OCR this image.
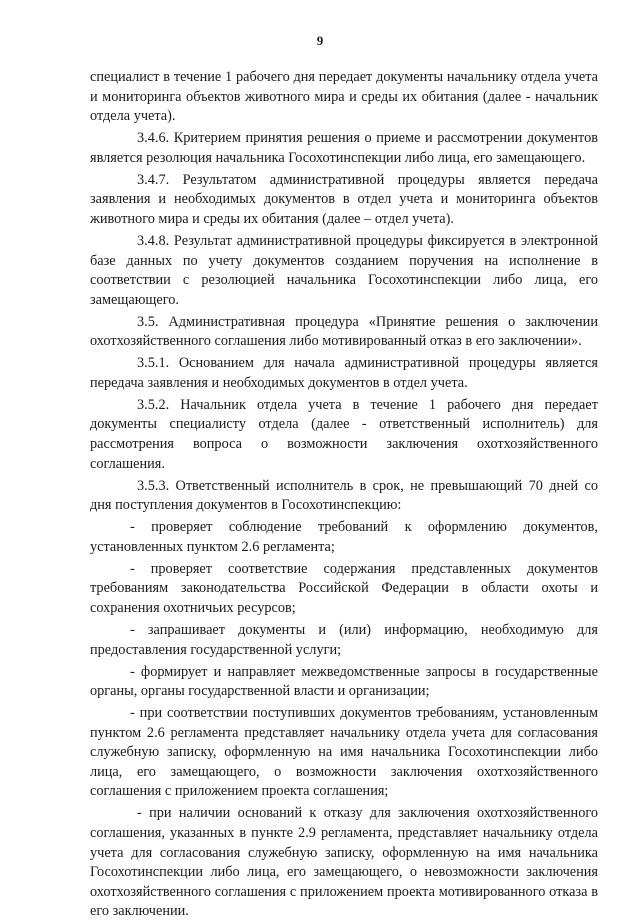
9

специалист в течение 1 рабочего дня передает документы начальнику отдела учета и мониторинга объектов животного мира и среды их обитания (далее - начальник отдела учета).

3.4.6. Критерием принятия решения о приеме и рассмотрении документов является резолюция начальника Госохотинспекции либо лица, его замещающего.

3.4.7. Результатом административной процедуры является передача заявления и необходимых документов в отдел учета и мониторинга объектов животного мира и среды их обитания (далее – отдел учета).

3.4.8. Результат административной процедуры фиксируется в электронной базе данных по учету документов созданием поручения на исполнение в соответствии с резолюцией начальника Госохотинспекции либо лица, его замещающего.

3.5. Административная процедура «Принятие решения о заключении охотхозяйственного соглашения либо мотивированный отказ в его заключении».

3.5.1. Основанием для начала административной процедуры является передача заявления и необходимых документов в отдел учета.

3.5.2. Начальник отдела учета в течение 1 рабочего дня передает документы специалисту отдела (далее - ответственный исполнитель) для рассмотрения вопроса о возможности заключения охотхозяйственного соглашения.

3.5.3. Ответственный исполнитель в срок, не превышающий 70 дней со дня поступления документов в Госохотинспекцию:

- проверяет соблюдение требований к оформлению документов, установленных пунктом 2.6 регламента;

- проверяет соответствие содержания представленных документов требованиям законодательства Российской Федерации в области охоты и сохранения охотничьих ресурсов;

- запрашивает документы и (или) информацию, необходимую для предоставления государственной услуги;

- формирует и направляет межведомственные запросы в государственные органы, органы государственной власти и организации;

- при соответствии поступивших документов требованиям, установленным пунктом 2.6 регламента представляет начальнику отдела учета для согласования служебную записку, оформленную на имя начальника Госохотинспекции либо лица, его замещающего, о возможности заключения охотхозяйственного соглашения с приложением проекта соглашения;

- при наличии оснований к отказу для заключения охотхозяйственного соглашения, указанных в пункте 2.9 регламента, представляет начальнику отдела учета для согласования служебную записку, оформленную на имя начальника Госохотинспекции либо лица, его замещающего, о невозможности заключения охотхозяйственного соглашения с приложением проекта мотивированного отказа в его заключении.
